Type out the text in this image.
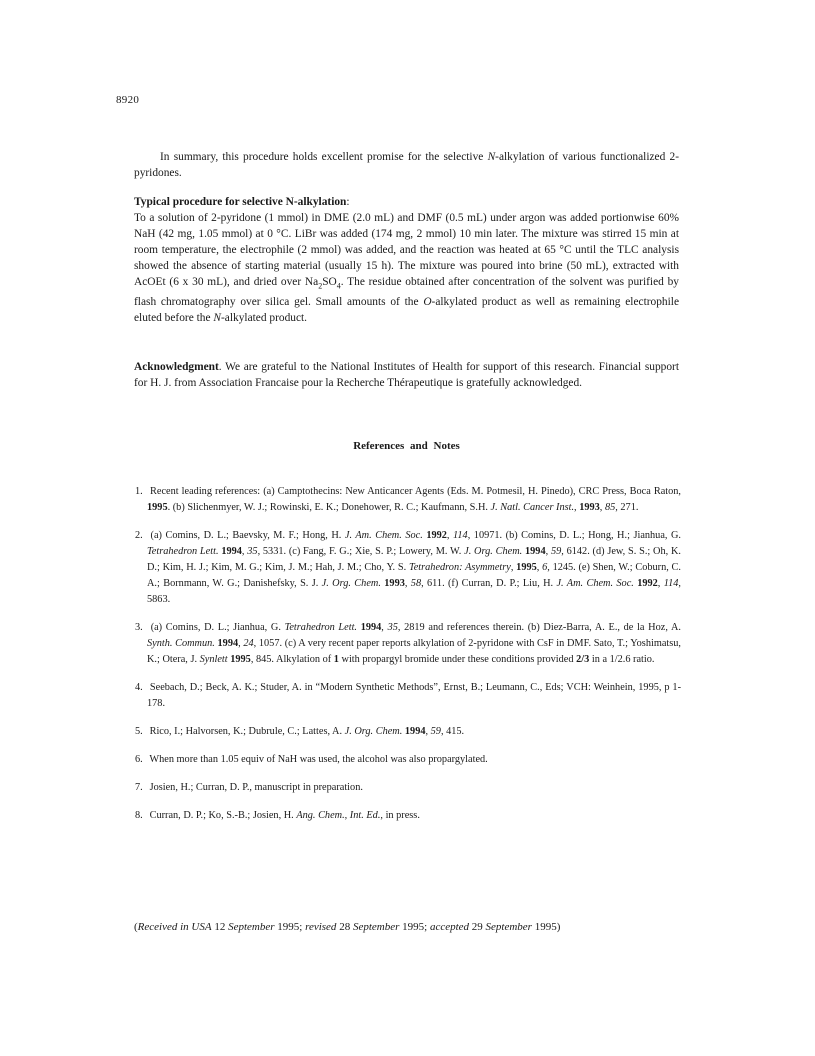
8920
In summary, this procedure holds excellent promise for the selective N-alkylation of various functionalized 2-pyridones.
Typical procedure for selective N-alkylation:
To a solution of 2-pyridone (1 mmol) in DME (2.0 mL) and DMF (0.5 mL) under argon was added portionwise 60% NaH (42 mg, 1.05 mmol) at 0 °C. LiBr was added (174 mg, 2 mmol) 10 min later. The mixture was stirred 15 min at room temperature, the electrophile (2 mmol) was added, and the reaction was heated at 65 °C until the TLC analysis showed the absence of starting material (usually 15 h). The mixture was poured into brine (50 mL), extracted with AcOEt (6 x 30 mL), and dried over $Na_2SO_4$. The residue obtained after concentration of the solvent was purified by flash chromatography over silica gel. Small amounts of the O-alkylated product as well as remaining electrophile eluted before the N-alkylated product.
Acknowledgment. We are grateful to the National Institutes of Health for support of this research. Financial support for H. J. from Association Francaise pour la Recherche Thérapeutique is gratefully acknowledged.
References and Notes

1. Recent leading references: (a) Camptothecins: New Anticancer Agents (Eds. M. Potmesil, H. Pinedo), CRC Press, Boca Raton, 1995. (b) Slichenmyer, W. J.; Rowinski, E. K.; Donehower, R. C.; Kaufmann, S.H. J. Natl. Cancer Inst., 1993, 85, 271.

2. (a) Comins, D. L.; Baevsky, M. F.; Hong, H. J. Am. Chem. Soc. 1992, 114, 10971. (b) Comins, D. L.; Hong, H.; Jianhua, G. Tetrahedron Lett. 1994, 35, 5331. (c) Fang, F. G.; Xie, S. P.; Lowery, M. W. J. Org. Chem. 1994, 59, 6142. (d) Jew, S. S.; Oh, K. D.; Kim, H. J.; Kim, M. G.; Kim, J. M.; Hah, J. M.; Cho, Y. S. Tetrahedron: Asymmetry, 1995, 6, 1245. (e) Shen, W.; Coburn, C. A.; Bornmann, W. G.; Danishefsky, S. J. J. Org. Chem. 1993, 58, 611. (f) Curran, D. P.; Liu, H. J. Am. Chem. Soc. 1992, 114, 5863.

3. (a) Comins, D. L.; Jianhua, G. Tetrahedron Lett. 1994, 35, 2819 and references therein. (b) Diez-Barra, A. E., de la Hoz, A. Synth. Commun. 1994, 24, 1057. (c) A very recent paper reports alkylation of 2-pyridone with CsF in DMF. Sato, T.; Yoshimatsu, K.; Otera, J. Synlett 1995, 845. Alkylation of 1 with propargyl bromide under these conditions provided 2/3 in a 1/2.6 ratio.

4. Seebach, D.; Beck, A. K.; Studer, A. in “Modern Synthetic Methods”, Ernst, B.; Leumann, C., Eds; VCH: Weinhein, 1995, p 1-178.

5. Rico, I.; Halvorsen, K.; Dubrule, C.; Lattes, A. J. Org. Chem. 1994, 59, 415.

6. When more than 1.05 equiv of NaH was used, the alcohol was also propargylated.

7. Josien, H.; Curran, D. P., manuscript in preparation.

8. Curran, D. P.; Ko, S.-B.; Josien, H. Ang. Chem., Int. Ed., in press.

(Received in USA 12 September 1995; revised 28 September 1995; accepted 29 September 1995)
